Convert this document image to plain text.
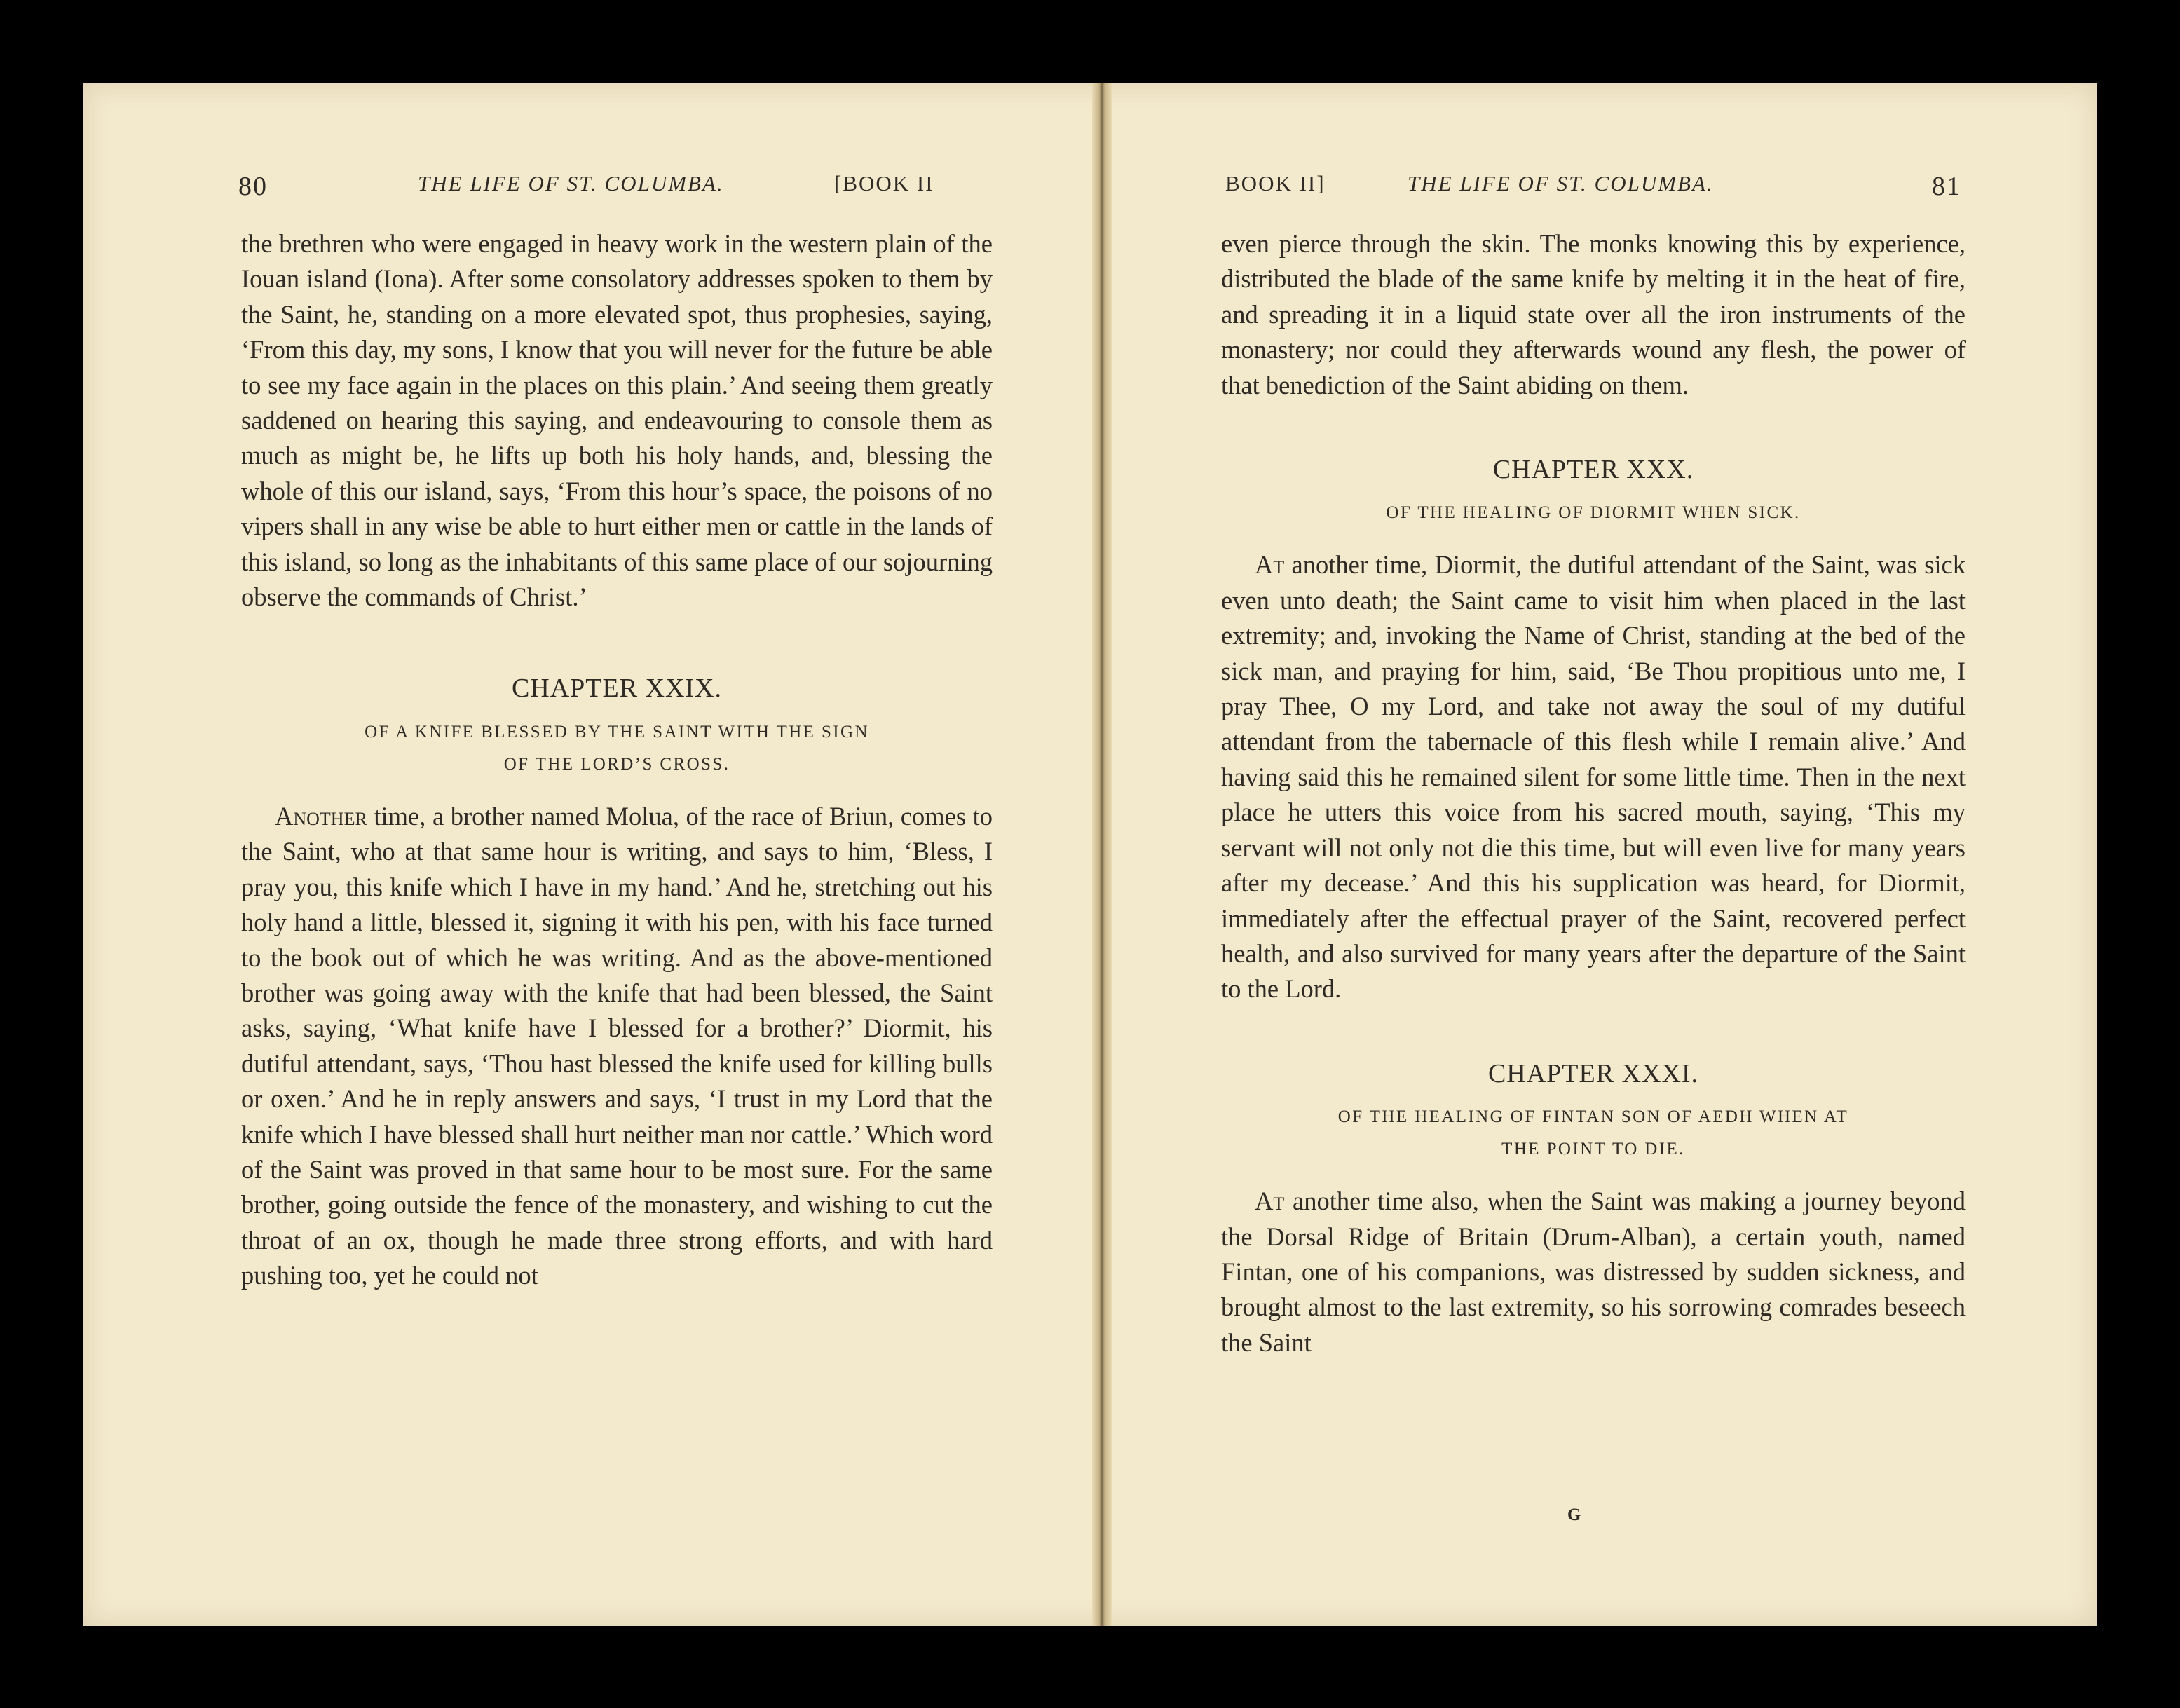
80	THE LIFE OF ST. COLUMBA.	[BOOK II

the brethren who were engaged in heavy work in the western plain of the Iouan island (Iona). After some consolatory addresses spoken to them by the Saint, he, standing on a more elevated spot, thus prophesies, saying, ‘From this day, my sons, I know that you will never for the future be able to see my face again in the places on this plain.’ And seeing them greatly saddened on hearing this saying, and endeavouring to console them as much as might be, he lifts up both his holy hands, and, blessing the whole of this our island, says, ‘From this hour’s space, the poisons of no vipers shall in any wise be able to hurt either men or cattle in the lands of this island, so long as the inhabitants of this same place of our sojourning observe the commands of Christ.’

CHAPTER XXIX.
OF A KNIFE BLESSED BY THE SAINT WITH THE SIGN
OF THE LORD’S CROSS.

Another time, a brother named Molua, of the race of Briun, comes to the Saint, who at that same hour is writing, and says to him, ‘Bless, I pray you, this knife which I have in my hand.’ And he, stretching out his holy hand a little, blessed it, signing it with his pen, with his face turned to the book out of which he was writing. And as the above-mentioned brother was going away with the knife that had been blessed, the Saint asks, saying, ‘What knife have I blessed for a brother?’ Diormit, his dutiful attendant, says, ‘Thou hast blessed the knife used for killing bulls or oxen.’ And he in reply answers and says, ‘I trust in my Lord that the knife which I have blessed shall hurt neither man nor cattle.’ Which word of the Saint was proved in that same hour to be most sure. For the same brother, going outside the fence of the monastery, and wishing to cut the throat of an ox, though he made three strong efforts, and with hard pushing too, yet he could not

BOOK II]	THE LIFE OF ST. COLUMBA.	81

even pierce through the skin. The monks knowing this by experience, distributed the blade of the same knife by melting it in the heat of fire, and spreading it in a liquid state over all the iron instruments of the monastery; nor could they afterwards wound any flesh, the power of that benediction of the Saint abiding on them.

CHAPTER XXX.
OF THE HEALING OF DIORMIT WHEN SICK.

At another time, Diormit, the dutiful attendant of the Saint, was sick even unto death; the Saint came to visit him when placed in the last extremity; and, invoking the Name of Christ, standing at the bed of the sick man, and praying for him, said, ‘Be Thou propitious unto me, I pray Thee, O my Lord, and take not away the soul of my dutiful attendant from the tabernacle of this flesh while I remain alive.’ And having said this he remained silent for some little time. Then in the next place he utters this voice from his sacred mouth, saying, ‘This my servant will not only not die this time, but will even live for many years after my decease.’ And this his supplication was heard, for Diormit, immediately after the effectual prayer of the Saint, recovered perfect health, and also survived for many years after the departure of the Saint to the Lord.

CHAPTER XXXI.
OF THE HEALING OF FINTAN SON OF AEDH WHEN AT
THE POINT TO DIE.

At another time also, when the Saint was making a journey beyond the Dorsal Ridge of Britain (Drum-Alban), a certain youth, named Fintan, one of his companions, was distressed by sudden sickness, and brought almost to the last extremity, so his sorrowing comrades beseech the Saint

G
